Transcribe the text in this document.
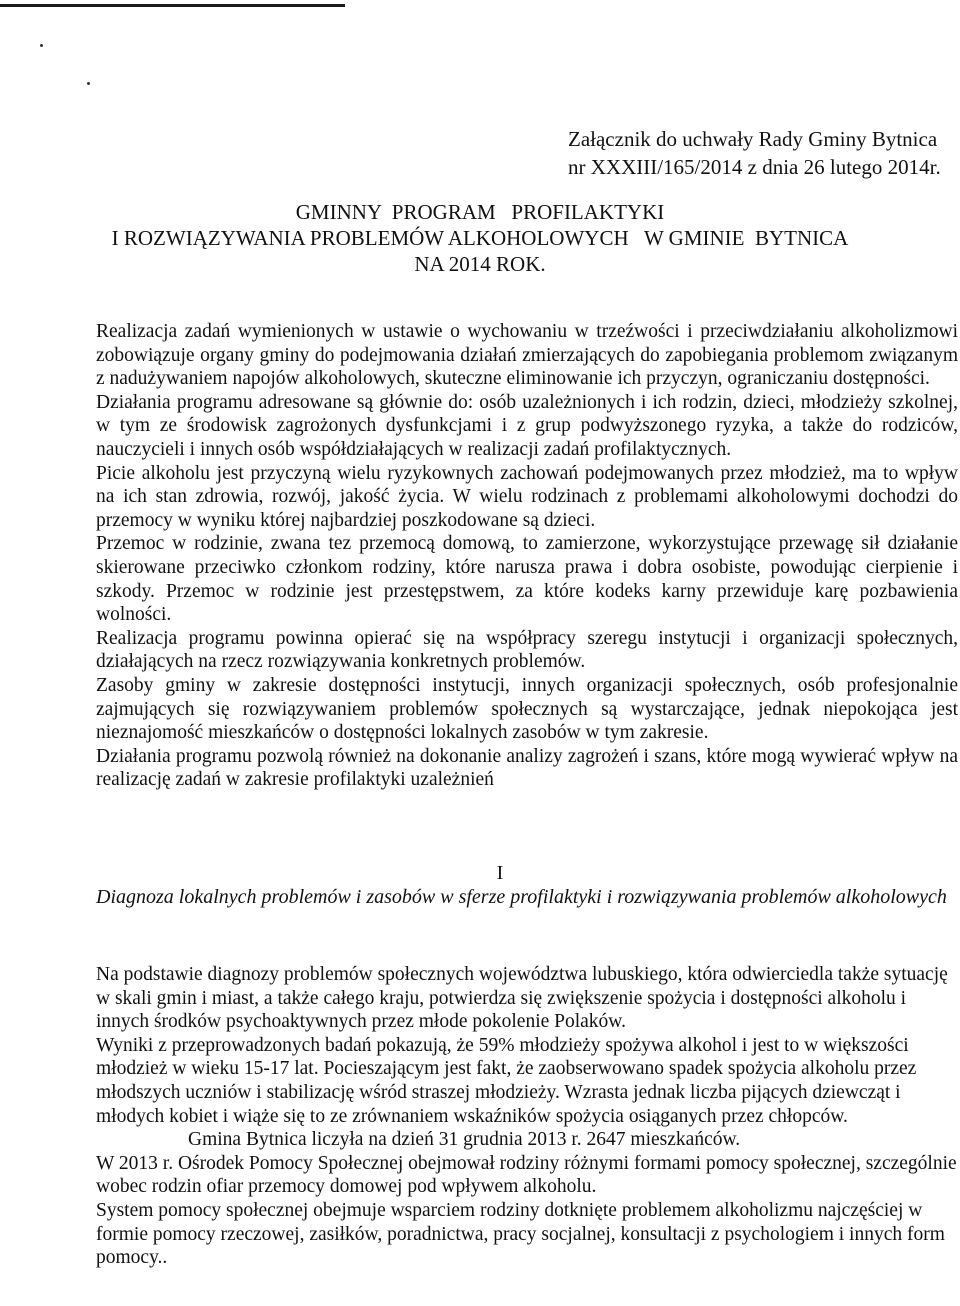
Załącznik do uchwały Rady Gminy Bytnica
nr XXXIII/165/2014 z dnia 26 lutego 2014r.
GMINNY  PROGRAM   PROFILAKTYKI
I ROZWIĄZYWANIA PROBLEMÓW ALKOHOLOWYCH   W GMINIE  BYTNICA
NA 2014 ROK.

Realizacja zadań wymienionych w ustawie o wychowaniu w trzeźwości i przeciwdziałaniu alkoholizmowi zobowiązuje organy gminy do podejmowania działań zmierzających do zapobiegania problemom związanym z nadużywaniem napojów alkoholowych, skuteczne eliminowanie ich przyczyn, ograniczaniu dostępności.

Działania programu adresowane są głównie do: osób uzależnionych i ich rodzin, dzieci, młodzieży szkolnej, w tym ze środowisk zagrożonych dysfunkcjami i z grup podwyższonego ryzyka, a także do rodziców, nauczycieli i innych osób współdziałających w realizacji zadań profilaktycznych.

Picie alkoholu jest przyczyną wielu ryzykownych zachowań podejmowanych przez młodzież, ma to wpływ na ich stan zdrowia, rozwój, jakość życia. W wielu rodzinach z problemami alkoholowymi dochodzi do przemocy w wyniku której najbardziej poszkodowane są dzieci.

Przemoc w rodzinie, zwana tez przemocą domową, to zamierzone, wykorzystujące przewagę sił działanie skierowane przeciwko członkom rodziny, które narusza prawa i dobra osobiste, powodując cierpienie i szkody. Przemoc w rodzinie jest przestępstwem, za które kodeks karny przewiduje karę pozbawienia wolności.

Realizacja programu powinna opierać się na współpracy szeregu instytucji i organizacji społecznych, działających na rzecz rozwiązywania konkretnych problemów.

Zasoby gminy w zakresie dostępności instytucji, innych organizacji społecznych, osób profesjonalnie zajmujących się rozwiązywaniem problemów społecznych są wystarczające, jednak niepokojąca jest nieznajomość mieszkańców o dostępności lokalnych zasobów w tym zakresie.

Działania programu pozwolą również na dokonanie analizy zagrożeń i szans, które mogą wywierać wpływ na realizację zadań w zakresie profilaktyki uzależnień

I
Diagnoza lokalnych problemów i zasobów w sferze profilaktyki i rozwiązywania problemów alkoholowych

Na podstawie diagnozy problemów społecznych województwa lubuskiego, która odwierciedla także sytuację w skali gmin i miast, a także całego kraju, potwierdza się zwiększenie spożycia i dostępności alkoholu i innych środków psychoaktywnych przez młode pokolenie Polaków.

Wyniki z przeprowadzonych badań pokazują, że 59% młodzieży spożywa alkohol i jest to w większości młodzież w wieku 15-17 lat. Pocieszającym jest fakt, że zaobserwowano spadek spożycia alkoholu przez młodszych uczniów i stabilizację wśród straszej młodzieży. Wzrasta jednak liczba pijących dziewcząt i młodych kobiet i wiąże się to ze zrównaniem wskaźników spożycia osiąganych przez chłopców.

Gmina Bytnica liczyła na dzień 31 grudnia 2013 r. 2647 mieszkańców.

W 2013 r. Ośrodek Pomocy Społecznej obejmował rodziny różnymi formami pomocy społecznej, szczególnie wobec rodzin ofiar przemocy domowej pod wpływem alkoholu.

System pomocy społecznej obejmuje wsparciem rodziny dotknięte problemem alkoholizmu najczęściej w formie pomocy rzeczowej, zasiłków, poradnictwa, pracy socjalnej, konsultacji z psychologiem i innych form pomocy..
